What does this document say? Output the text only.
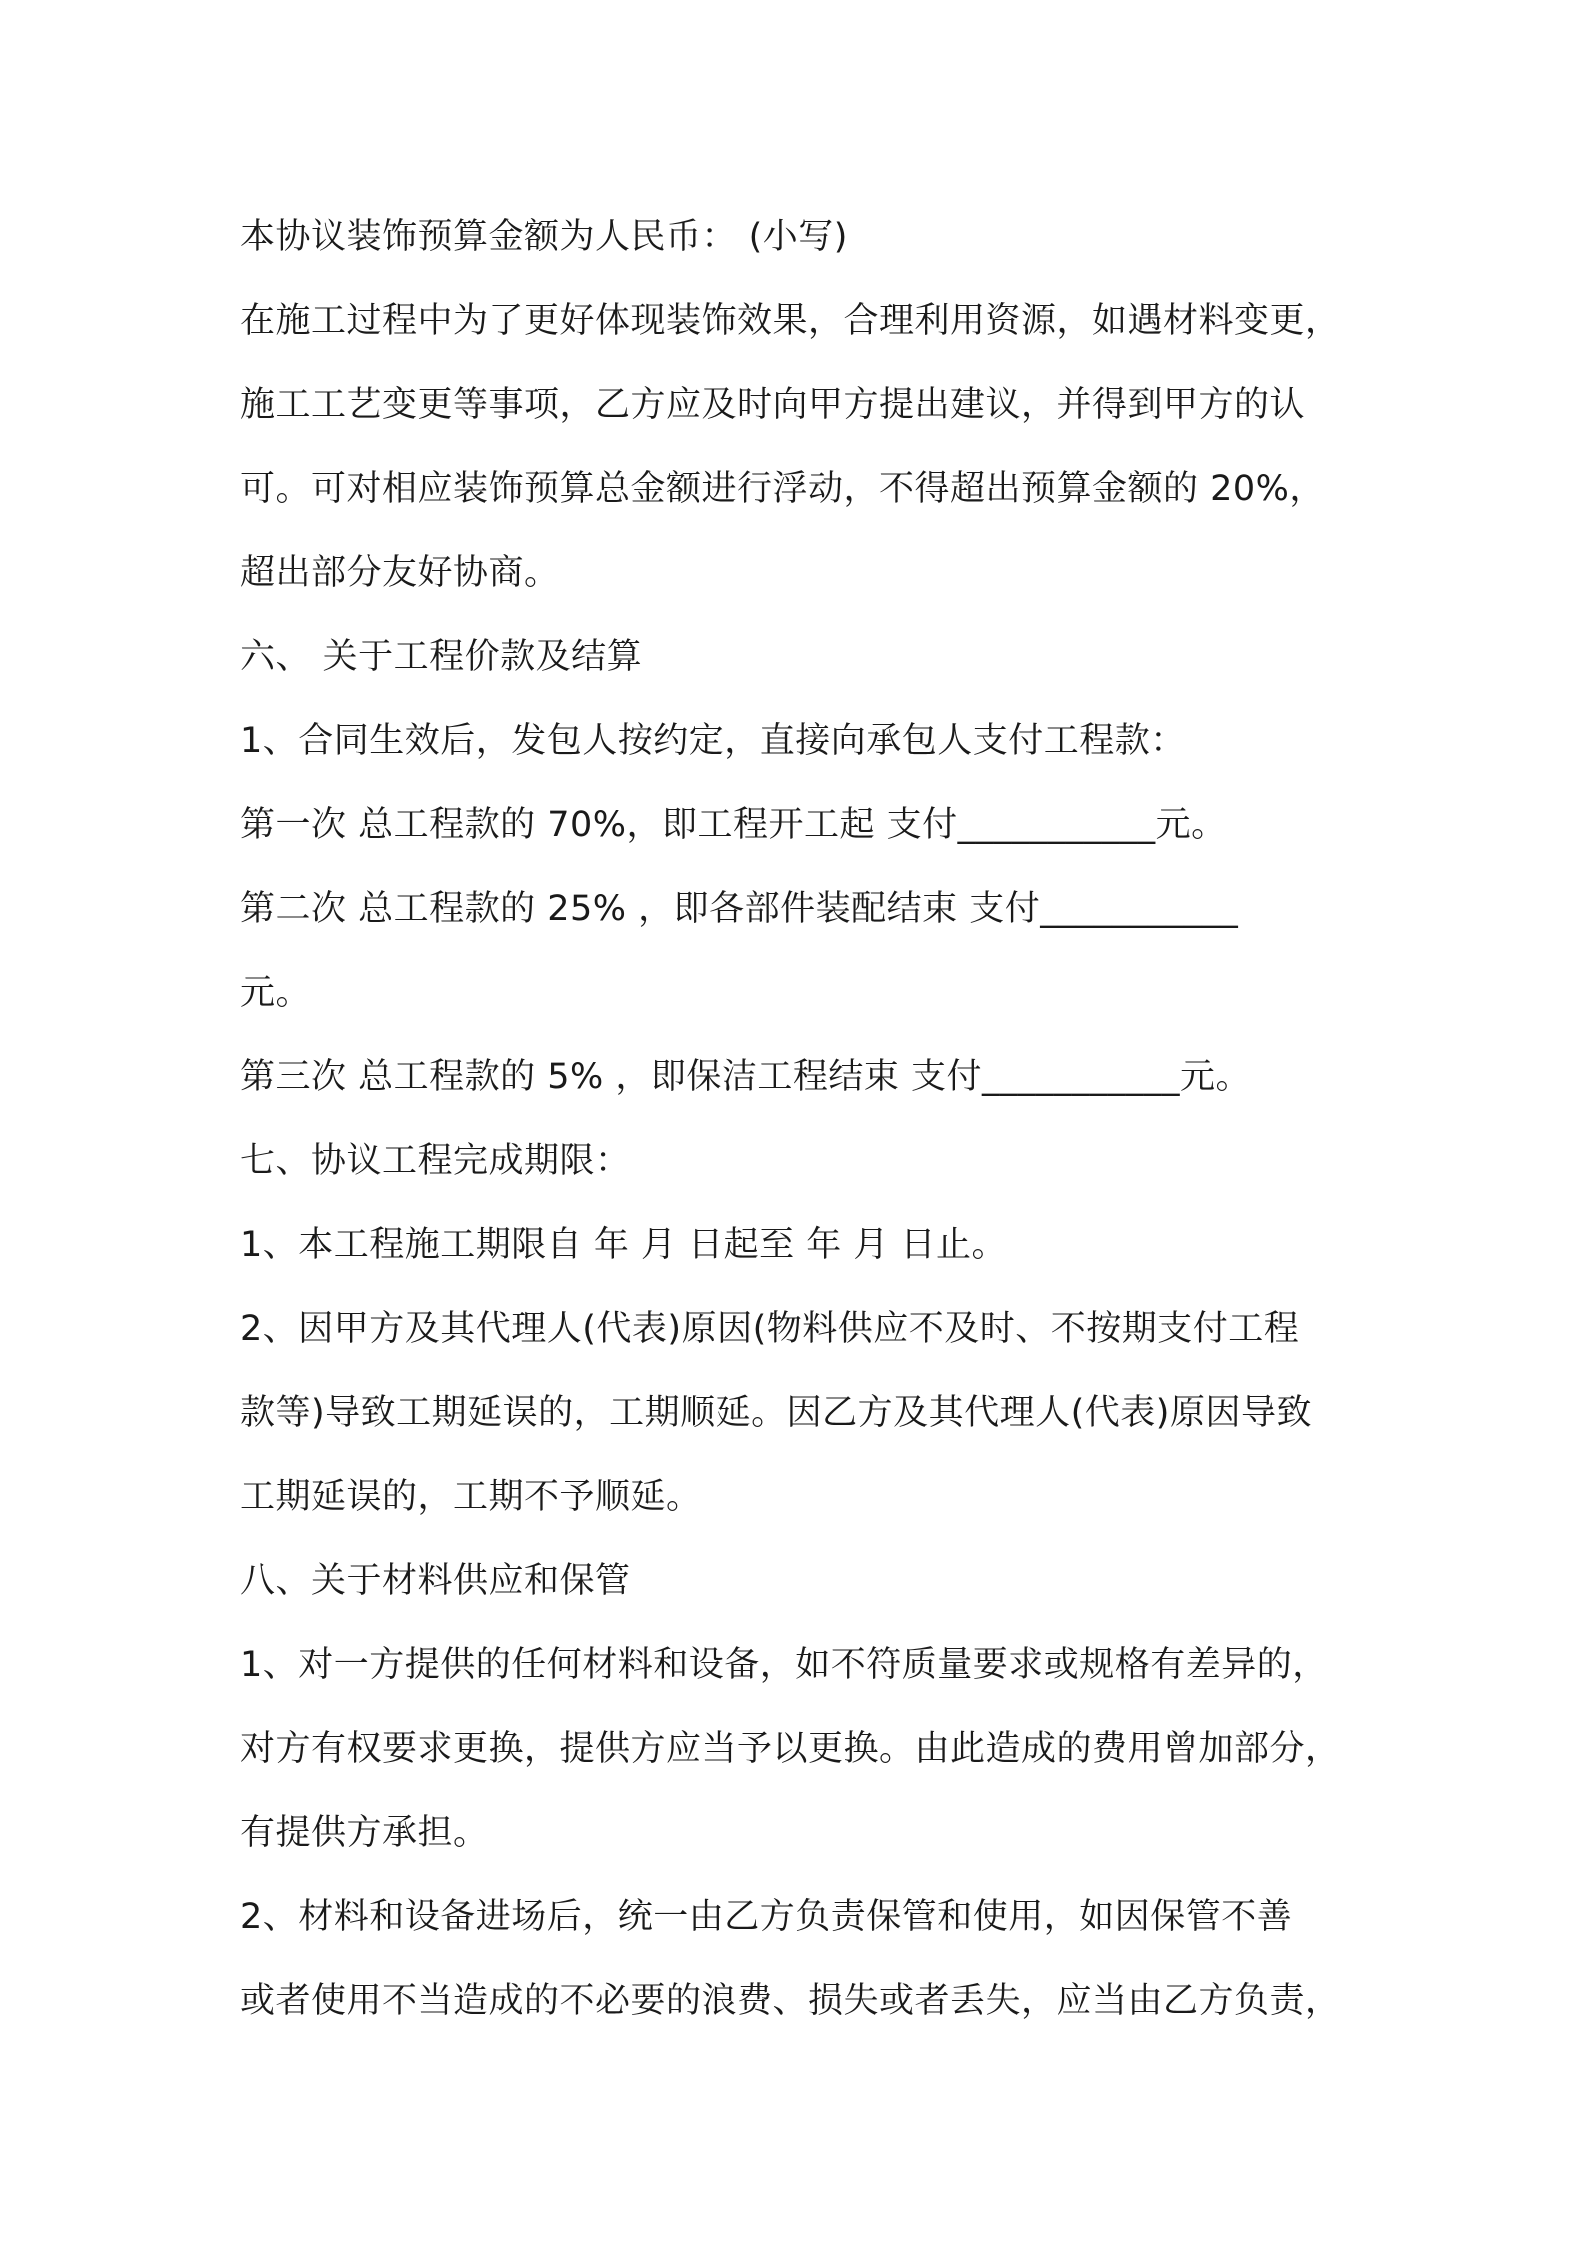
本协议装饰预算金额为人民币： (小写)
在施工过程中为了更好体现装饰效果，合理利用资源，如遇材料变更，
施工工艺变更等事项，乙方应及时向甲方提出建议，并得到甲方的认
可。可对相应装饰预算总金额进行浮动，不得超出预算金额的 20%，
超出部分友好协商。
六、 关于工程价款及结算
1、合同生效后，发包人按约定，直接向承包人支付工程款：
第一次 总工程款的 70%，即工程开工起 支付___________元。
第二次 总工程款的 25% ，即各部件装配结束 支付___________
元。
第三次 总工程款的 5% ，即保洁工程结束 支付___________元。
七、协议工程完成期限：
1、本工程施工期限自 年 月 日起至 年 月 日止。
2、因甲方及其代理人(代表)原因(物料供应不及时、不按期支付工程
款等)导致工期延误的，工期顺延。因乙方及其代理人(代表)原因导致
工期延误的，工期不予顺延。
八、关于材料供应和保管
1、对一方提供的任何材料和设备，如不符质量要求或规格有差异的，
对方有权要求更换，提供方应当予以更换。由此造成的费用曾加部分，
有提供方承担。
2、材料和设备进场后，统一由乙方负责保管和使用，如因保管不善
或者使用不当造成的不必要的浪费、损失或者丢失，应当由乙方负责，
